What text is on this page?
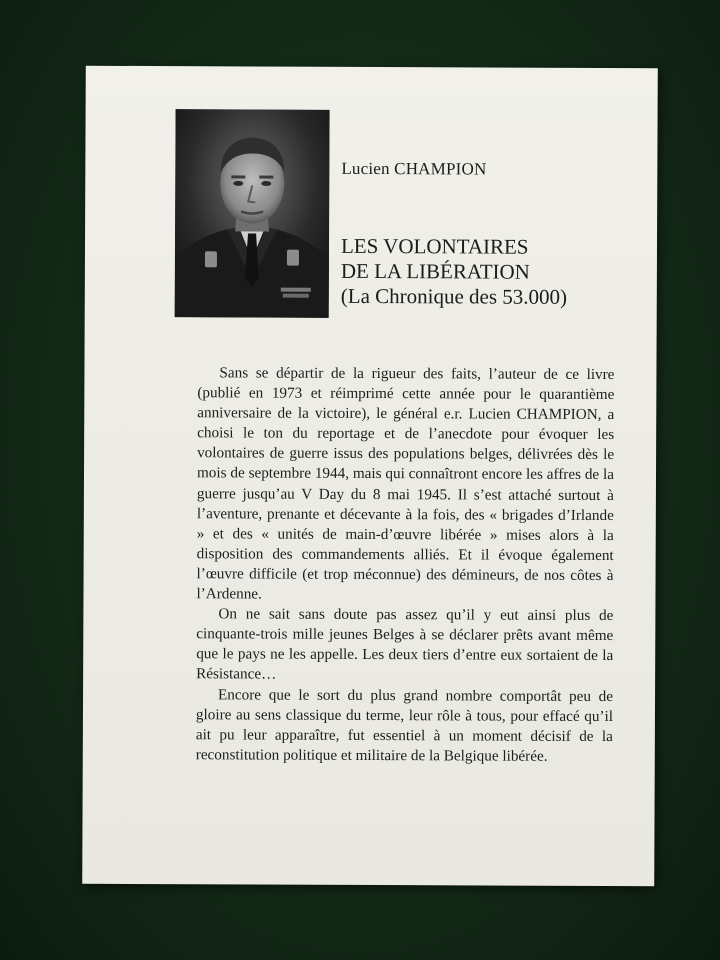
Lucien CHAMPION
LES VOLONTAIRES
DE LA LIBÉRATION
(La Chronique des 53.000)

Sans se départir de la rigueur des faits, l’auteur de ce livre (publié en 1973 et réimprimé cette année pour le quarantième anniversaire de la victoire), le général e.r. Lucien CHAMPION, a choisi le ton du reportage et de l’anecdote pour évoquer les volontaires de guerre issus des populations belges, délivrées dès le mois de septembre 1944, mais qui connaîtront encore les affres de la guerre jusqu’au V Day du 8 mai 1945. Il s’est attaché surtout à l’aventure, prenante et décevante à la fois, des « brigades d’Irlande » et des « unités de main-d’œuvre libérée » mises alors à la disposition des commandements alliés. Et il évoque également l’œuvre difficile (et trop méconnue) des démineurs, de nos côtes à l’Ardenne.

On ne sait sans doute pas assez qu’il y eut ainsi plus de cinquante-trois mille jeunes Belges à se déclarer prêts avant même que le pays ne les appelle. Les deux tiers d’entre eux sortaient de la Résistance…

Encore que le sort du plus grand nombre comportât peu de gloire au sens classique du terme, leur rôle à tous, pour effacé qu’il ait pu leur apparaître, fut essentiel à un moment décisif de la reconstitution politique et militaire de la Belgique libérée.
